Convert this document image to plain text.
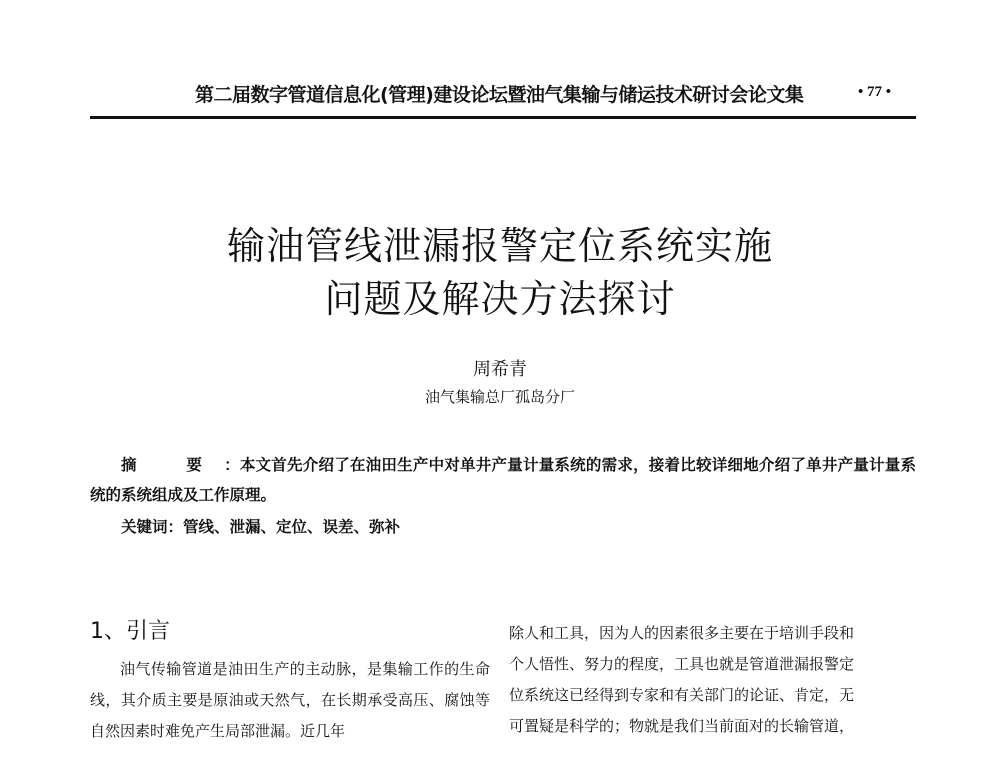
第二届数字管道信息化(管理)建设论坛暨油气集输与储运技术研讨会论文集	• 77 •
输油管线泄漏报警定位系统实施
问题及解决方法探讨
周希青
油气集输总厂孤岛分厂
摘 要：本文首先介绍了在油田生产中对单井产量计量系统的需求，接着比较详细地介绍了单井产量计量系统的系统组成及工作原理。
关键词：管线、泄漏、定位、误差、弥补
1、引言

油气传输管道是油田生产的主动脉，是集输工作的生命线，其介质主要是原油或天然气，在长期承受高压、腐蚀等自然因素时难免产生局部泄漏。近几年

除人和工具，因为人的因素很多主要在于培训手段和
个人悟性、努力的程度，工具也就是管道泄漏报警定
位系统这已经得到专家和有关部门的论证、肯定，无
可置疑是科学的；物就是我们当前面对的长输管道，
